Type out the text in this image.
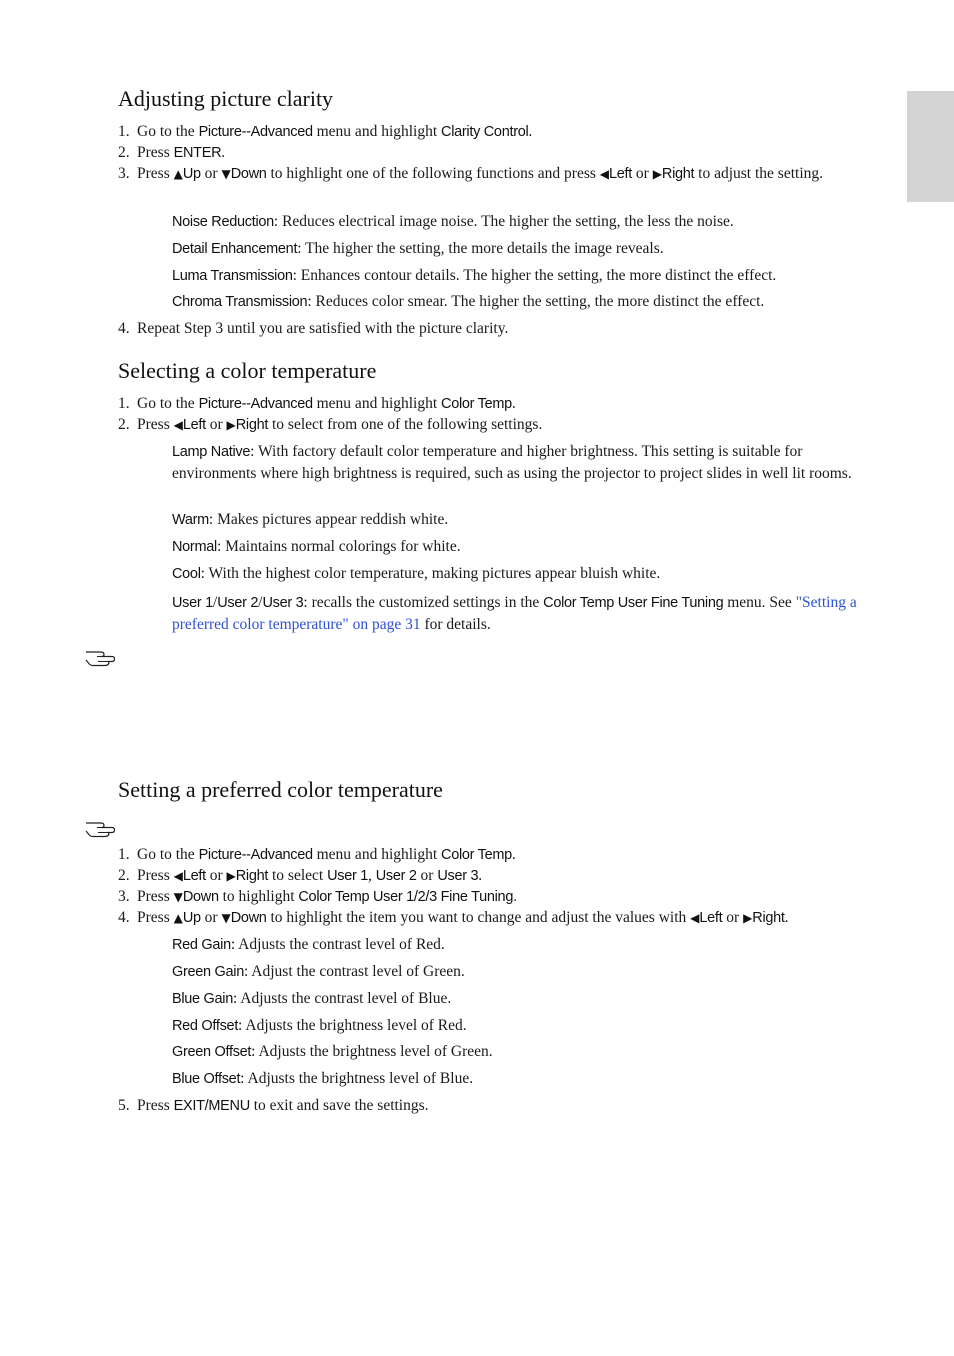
Adjusting picture clarity
1. Go to the Picture--Advanced menu and highlight Clarity Control.
2. Press ENTER.
3. Press ▲Up or ▼Down to highlight one of the following functions and press ◀Left or ▶Right to adjust the setting.
Noise Reduction: Reduces electrical image noise. The higher the setting, the less the noise.
Detail Enhancement: The higher the setting, the more details the image reveals.
Luma Transmission: Enhances contour details. The higher the setting, the more distinct the effect.
Chroma Transmission: Reduces color smear. The higher the setting, the more distinct the effect.
4. Repeat Step 3 until you are satisfied with the picture clarity.
Selecting a color temperature
1. Go to the Picture--Advanced menu and highlight Color Temp.
2. Press ◀Left or ▶Right to select from one of the following settings.
Lamp Native: With factory default color temperature and higher brightness. This setting is suitable for environments where high brightness is required, such as using the projector to project slides in well lit rooms.
Warm: Makes pictures appear reddish white.
Normal: Maintains normal colorings for white.
Cool: With the highest color temperature, making pictures appear bluish white.
User 1/User 2/User 3: recalls the customized settings in the Color Temp User Fine Tuning menu. See "Setting a preferred color temperature" on page 31 for details.
Setting a preferred color temperature
1. Go to the Picture--Advanced menu and highlight Color Temp.
2. Press ◀Left or ▶Right to select User 1, User 2 or User 3.
3. Press ▼Down to highlight Color Temp User 1/2/3 Fine Tuning.
4. Press ▲Up or ▼Down to highlight the item you want to change and adjust the values with ◀Left or ▶Right.
Red Gain: Adjusts the contrast level of Red.
Green Gain: Adjust the contrast level of Green.
Blue Gain: Adjusts the contrast level of Blue.
Red Offset: Adjusts the brightness level of Red.
Green Offset: Adjusts the brightness level of Green.
Blue Offset: Adjusts the brightness level of Blue.
5. Press EXIT/MENU to exit and save the settings.
